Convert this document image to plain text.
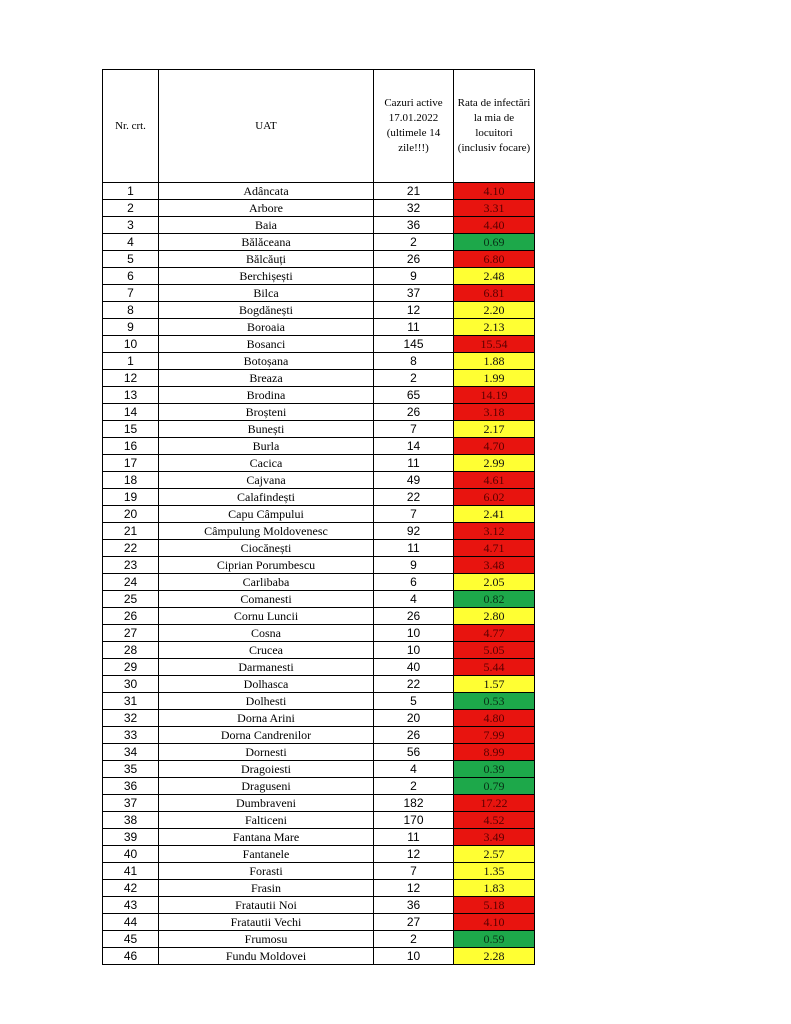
Nr. crt.	UAT	Cazuri active 17.01.2022 (ultimele 14 zile!!!)	Rata de infectări la mia de locuitori (inclusiv focare)
1	Adâncata	21	4.10
2	Arbore	32	3.31
3	Baia	36	4.40
4	Bălăceana	2	0.69
5	Bălcăuți	26	6.80
6	Berchișești	9	2.48
7	Bilca	37	6.81
8	Bogdănești	12	2.20
9	Boroaia	11	2.13
10	Bosanci	145	15.54
1	Botoșana	8	1.88
12	Breaza	2	1.99
13	Brodina	65	14.19
14	Broșteni	26	3.18
15	Bunești	7	2.17
16	Burla	14	4.70
17	Cacica	11	2.99
18	Cajvana	49	4.61
19	Calafindești	22	6.02
20	Capu Câmpului	7	2.41
21	Câmpulung Moldovenesc	92	3.12
22	Ciocănești	11	4.71
23	Ciprian Porumbescu	9	3.48
24	Carlibaba	6	2.05
25	Comanesti	4	0.82
26	Cornu Luncii	26	2.80
27	Cosna	10	4.77
28	Crucea	10	5.05
29	Darmanesti	40	5.44
30	Dolhasca	22	1.57
31	Dolhesti	5	0.53
32	Dorna Arini	20	4.80
33	Dorna Candrenilor	26	7.99
34	Dornesti	56	8.99
35	Dragoiesti	4	0.39
36	Draguseni	2	0.79
37	Dumbraveni	182	17.22
38	Falticeni	170	4.52
39	Fantana Mare	11	3.49
40	Fantanele	12	2.57
41	Forasti	7	1.35
42	Frasin	12	1.83
43	Fratautii Noi	36	5.18
44	Fratautii Vechi	27	4.10
45	Frumosu	2	0.59
46	Fundu Moldovei	10	2.28
